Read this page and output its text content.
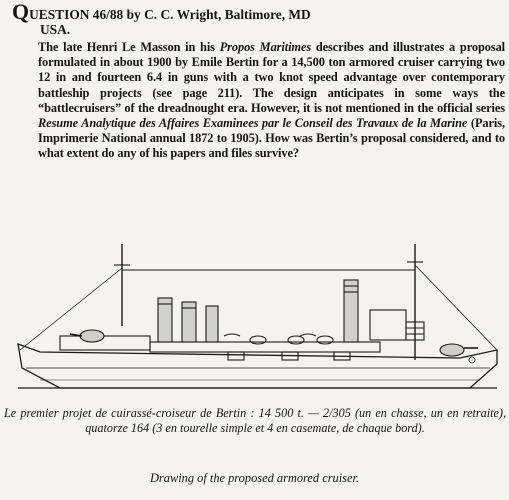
QUESTION 46/88 by C. C. Wright, Baltimore, MD
USA.
The late Henri Le Masson in his Propos Maritimes describes and illustrates a proposal formulated in about 1900 by Emile Bertin for a 14,500 ton armored cruiser carrying two 12 in and fourteen 6.4 in guns with a two knot speed advantage over contemporary battleship projects (see page 211). The design anticipates in some ways the “battlecruisers” of the dreadnought era. However, it is not mentioned in the official series Resume Analytique des Affaires Examinees par le Conseil des Travaux de la Marine (Paris, Imprimerie National annual 1872 to 1905). How was Bertin’s proposal considered, and to what extent do any of his papers and files survive?
Le premier projet de cuirassé-croiseur de Bertin : 14 500 t. — 2/305 (un en chasse, un en retraite), quatorze 164 (3 en tourelle simple et 4 en casemate, de chaque bord).
Drawing of the proposed armored cruiser.
